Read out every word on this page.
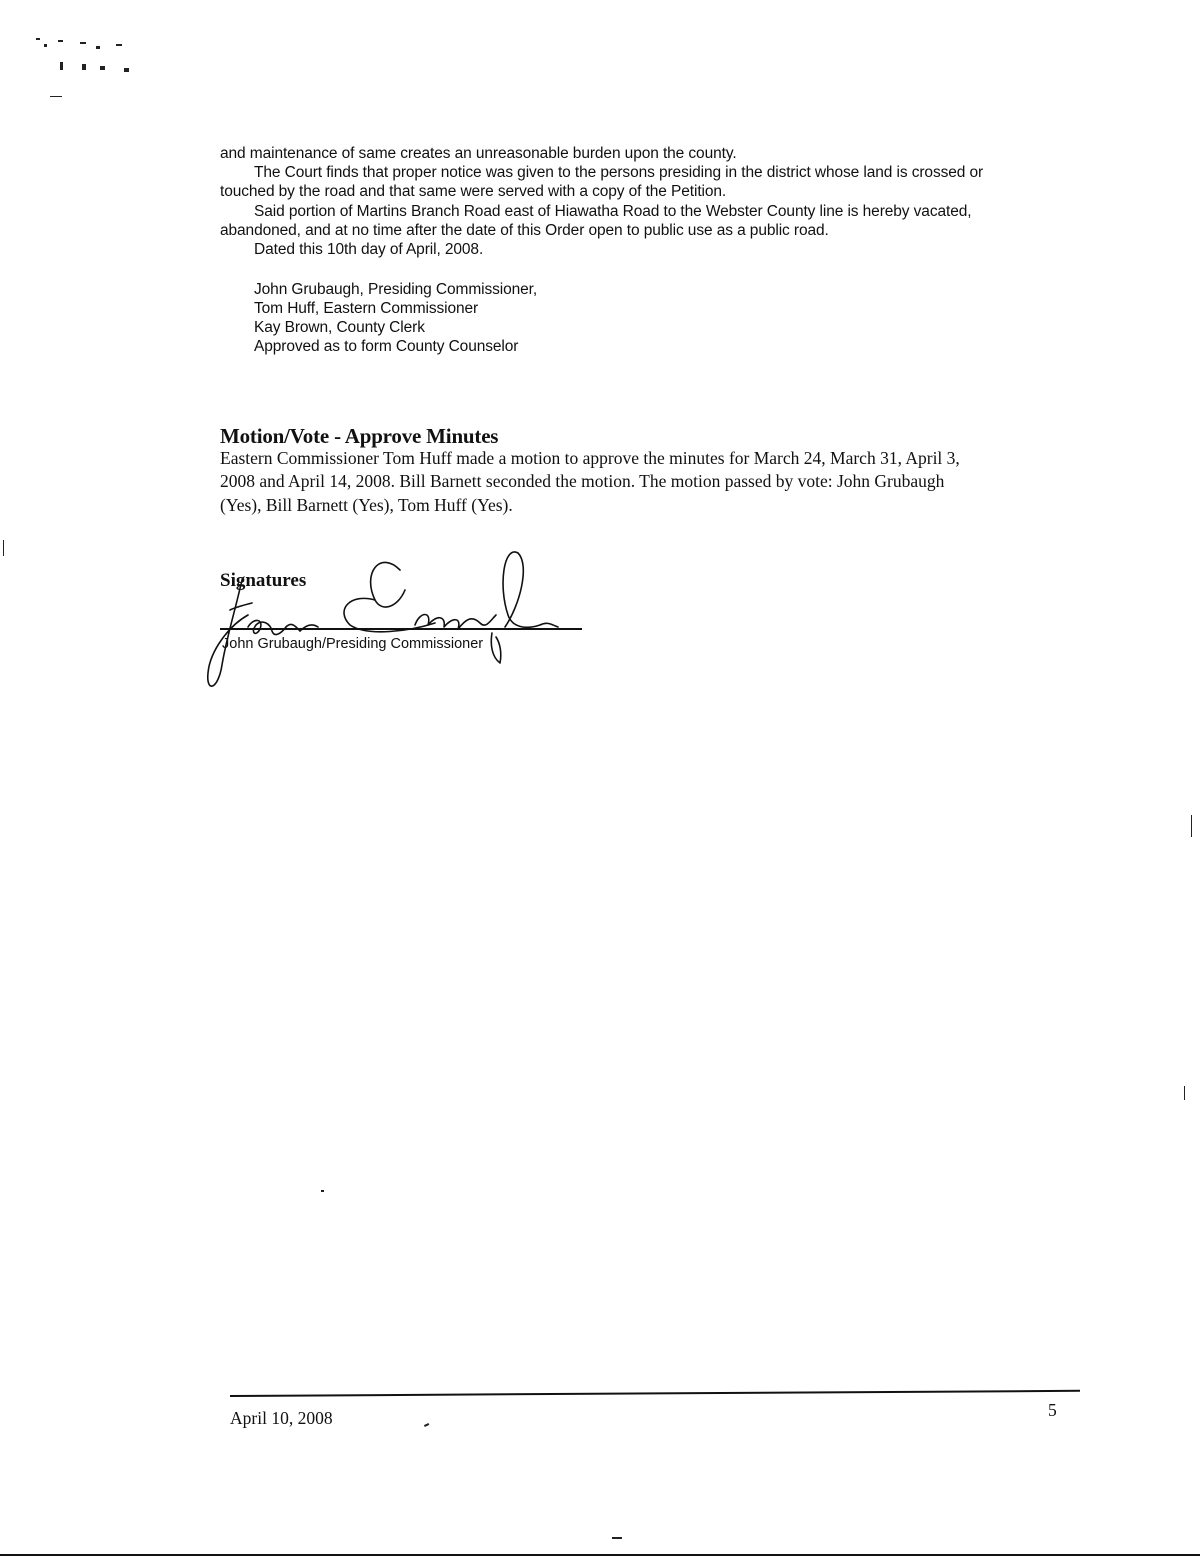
and maintenance of same creates an unreasonable burden upon the county.
The Court finds that proper notice was given to the persons presiding in the district whose land is crossed or
touched by the road and that same were served with a copy of the Petition.
Said portion of Martins Branch Road east of Hiawatha Road to the Webster County line is hereby vacated,
abandoned, and at no time after the date of this Order open to public use as a public road.
Dated this 10th day of April, 2008.
John Grubaugh, Presiding Commissioner,
Tom Huff, Eastern Commissioner
Kay Brown, County Clerk
Approved as to form County Counselor
Motion/Vote - Approve Minutes
Eastern Commissioner Tom Huff made a motion to approve the minutes for March 24, March 31, April 3,
2008 and April 14, 2008. Bill Barnett seconded the motion. The motion passed by vote: John Grubaugh
(Yes), Bill Barnett (Yes), Tom Huff (Yes).
Signatures
John Grubaugh/Presiding Commissioner
April 10, 2008	5
